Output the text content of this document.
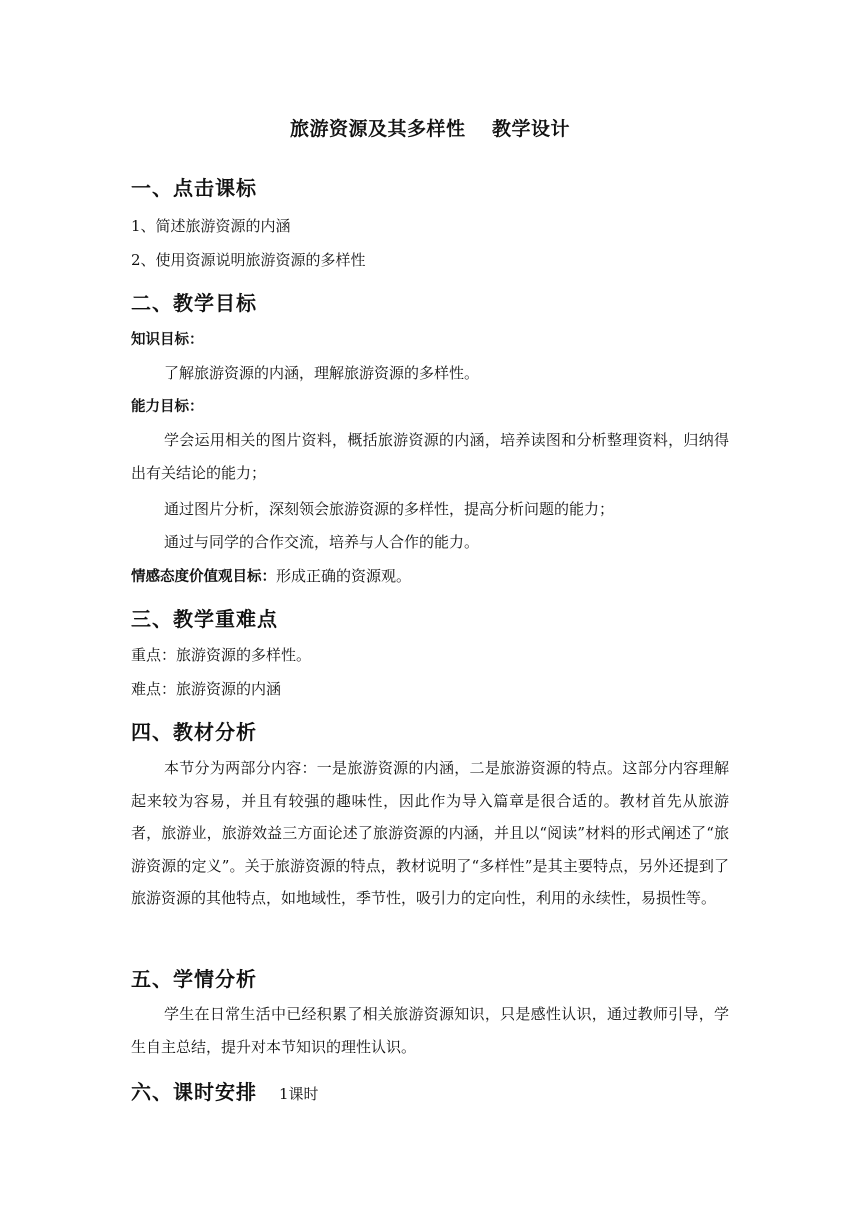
旅游资源及其多样性　 教学设计
一、点击课标
1、简述旅游资源的内涵
2、使用资源说明旅游资源的多样性
二、教学目标
知识目标：
了解旅游资源的内涵，理解旅游资源的多样性。
能力目标：

学会运用相关的图片资料，概括旅游资源的内涵，培养读图和分析整理资料，归纳得出有关结论的能力；

通过图片分析，深刻领会旅游资源的多样性，提高分析问题的能力；
通过与同学的合作交流，培养与人合作的能力。
情感态度价值观目标：形成正确的资源观。
三、教学重难点
重点：旅游资源的多样性。
难点：旅游资源的内涵
四、教材分析

本节分为两部分内容：一是旅游资源的内涵，二是旅游资源的特点。这部分内容理解起来较为容易，并且有较强的趣味性，因此作为导入篇章是很合适的。教材首先从旅游者，旅游业，旅游效益三方面论述了旅游资源的内涵，并且以“阅读”材料的形式阐述了“旅游资源的定义”。关于旅游资源的特点，教材说明了“多样性”是其主要特点，另外还提到了旅游资源的其他特点，如地域性，季节性，吸引力的定向性，利用的永续性，易损性等。

五、学情分析

学生在日常生活中已经积累了相关旅游资源知识，只是感性认识，通过教师引导，学生自主总结，提升对本节知识的理性认识。

六、课时安排 1课时
